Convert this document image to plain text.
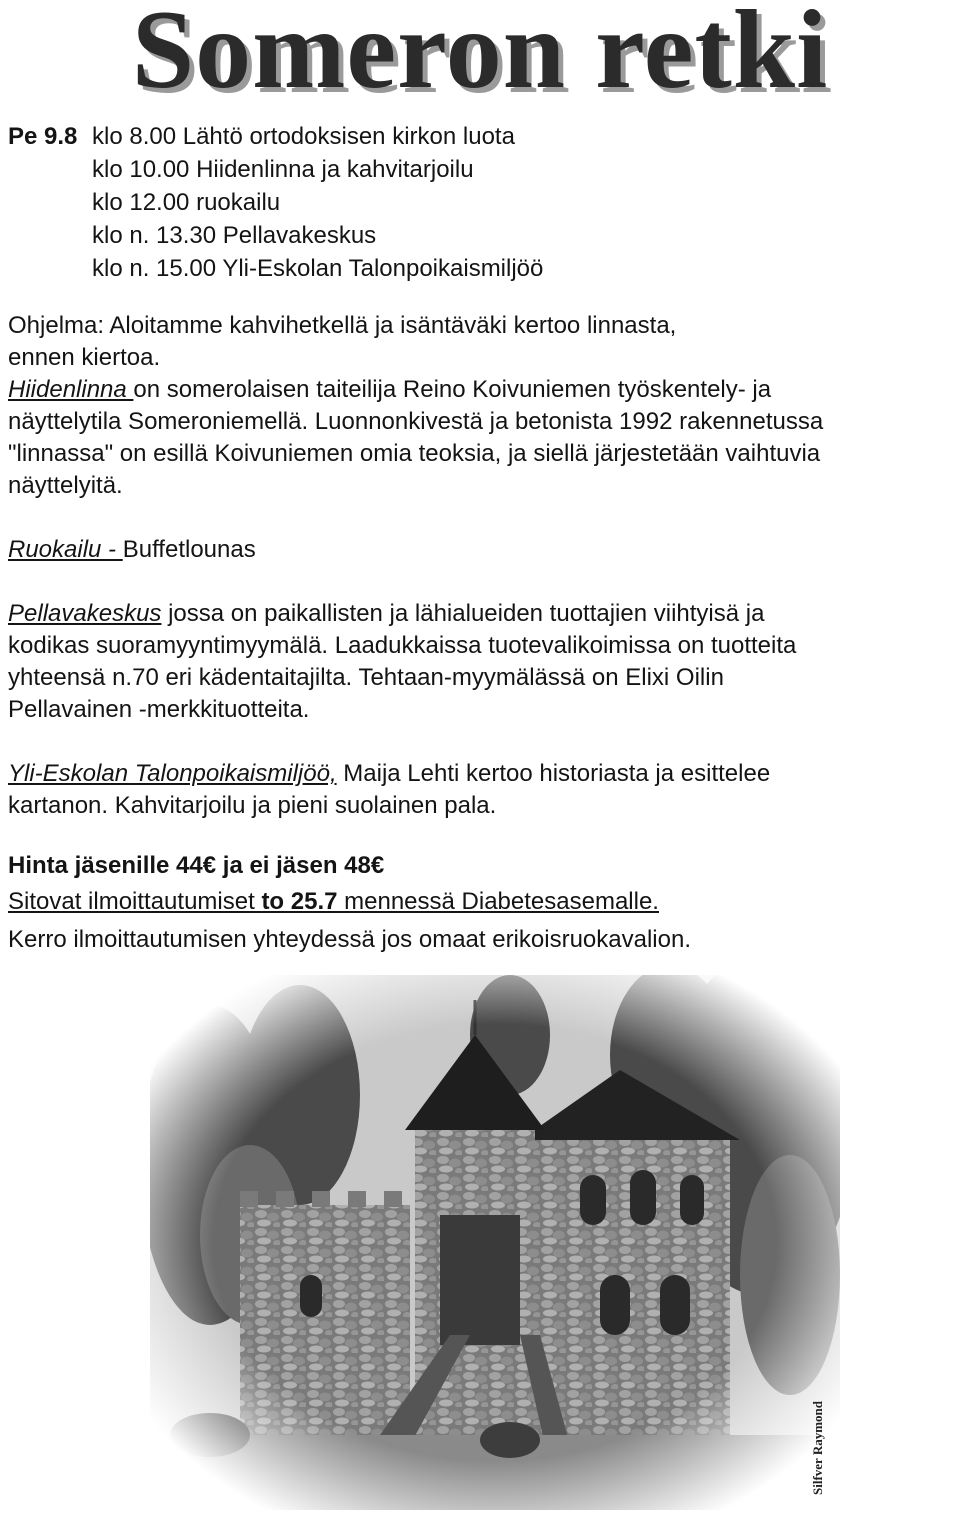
Someron retki
Pe 9.8 klo 8.00 Lähtö ortodoksisen kirkon luota
klo 10.00 Hiidenlinna ja kahvitarjoilu
klo 12.00 ruokailu
klo n. 13.30 Pellavakeskus
klo n. 15.00 Yli-Eskolan Talonpoikaismiljöö
Ohjelma: Aloitamme kahvihetkellä ja isäntäväki kertoo linnasta,
ennen kiertoa.
Hiidenlinna on somerolaisen taiteilija Reino Koivuniemen työskentely- ja
näyttelytila Someroniemellä. Luonnonkivestä ja betonista 1992 rakennetussa
"linnassa" on esillä Koivuniemen omia teoksia, ja siellä järjestetään vaihtuvia
näyttelyitä.
Ruokailu - Buffetlounas
Pellavakeskus jossa on paikallisten ja lähialueiden tuottajien viihtyisä ja
kodikas suoramyyntimyymälä. Laadukkaissa tuotevalikoimissa on tuotteita
yhteensä n.70 eri kädentaitajilta. Tehtaan-myymälässä on Elixi Oilin
Pellavainen -merkkituotteita.
Yli-Eskolan Talonpoikaismiljöö, Maija Lehti kertoo historiasta ja esittelee
kartanon. Kahvitarjoilu ja pieni suolainen pala.
Hinta jäsenille 44€ ja ei jäsen 48€
Sitovat ilmoittautumiset to 25.7 mennessä Diabetesasemalle.
Kerro ilmoittautumisen yhteydessä jos omaat erikoisruokavalion.
Silfver Raymond
